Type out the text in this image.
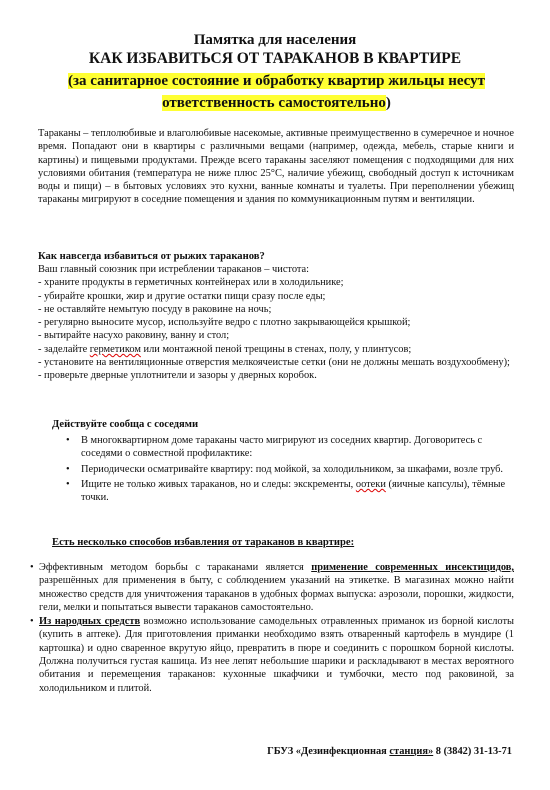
Памятка для населения
КАК ИЗБАВИТЬСЯ ОТ ТАРАКАНОВ В КВАРТИРЕ
(за санитарное состояние и обработку квартир жильцы несут ответственность самостоятельно)
Тараканы – теплолюбивые и влаголюбивые насекомые, активные преимущественно в сумеречное и ночное время. Попадают они в квартиры с различными вещами (например, одежда, мебель, старые книги и картины) и пищевыми продуктами. Прежде всего тараканы заселяют помещения с подходящими для них условиями обитания (температура не ниже плюс 25°С, наличие убежищ, свободный доступ к источникам воды и пищи) – в бытовых условиях это кухни, ванные комнаты и туалеты. При переполнении убежищ тараканы мигрируют в соседние помещения и здания по коммуникационным путям и вентиляции.
Как навсегда избавиться от рыжих тараканов?
Ваш главный союзник при истреблении тараканов – чистота:
- храните продукты в герметичных контейнерах или в холодильнике;
- убирайте крошки, жир и другие остатки пищи сразу после еды;
- не оставляйте немытую посуду в раковине на ночь;
- регулярно выносите мусор, используйте ведро с плотно закрывающейся крышкой;
- вытирайте насухо раковину, ванну и стол;
- заделайте герметиком или монтажной пеной трещины в стенах, полу, у плинтусов;
- установите на вентиляционные отверстия мелкоячеистые сетки (они не должны мешать воздухообмену);
- проверьте дверные уплотнители и зазоры у дверных коробок.
Действуйте сообща с соседями
• В многоквартирном доме тараканы часто мигрируют из соседних квартир. Договоритесь с соседями о совместной профилактике:
• Периодически осматривайте квартиру: под мойкой, за холодильником, за шкафами, возле труб.
• Ищите не только живых тараканов, но и следы: экскременты, оотеки (яичные капсулы), тёмные точки.
Есть несколько способов избавления от тараканов в квартире:
• Эффективным методом борьбы с тараканами является применение современных инсектицидов, разрешённых для применения в быту, с соблюдением указаний на этикетке. В магазинах можно найти множество средств для уничтожения тараканов в удобных формах выпуска: аэрозоли, порошки, жидкости, гели, мелки и попытаться вывести тараканов самостоятельно.
• Из народных средств возможно использование самодельных отравленных приманок из борной кислоты (купить в аптеке). Для приготовления приманки необходимо взять отваренный картофель в мундире (1 картошка) и одно сваренное вкрутую яйцо, превратить в пюре и соединить с порошком борной кислоты. Должна получиться густая кашица. Из нее лепят небольшие шарики и раскладывают в местах вероятного обитания и перемещения тараканов: кухонные шкафчики и тумбочки, место под раковиной, за холодильником и плитой.
ГБУЗ «Дезинфекционная станция» 8 (3842) 31-13-71
